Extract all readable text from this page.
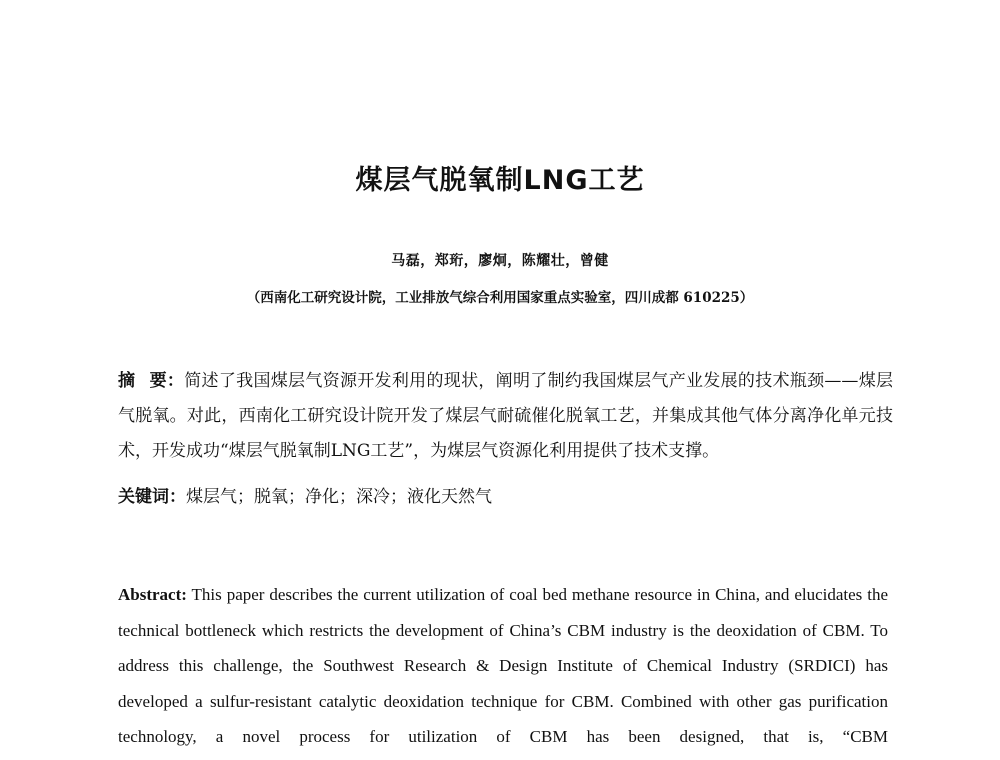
煤层气脱氧制LNG工艺
马磊，郑珩，廖炯，陈耀壮，曾健
（西南化工研究设计院，工业排放气综合利用国家重点实验室，四川成都 610225）
摘 要：简述了我国煤层气资源开发利用的现状，阐明了制约我国煤层气产业发展的技术瓶颈——煤层气脱氧。对此，西南化工研究设计院开发了煤层气耐硫催化脱氧工艺，并集成其他气体分离净化单元技术，开发成功“煤层气脱氧制LNG工艺”，为煤层气资源化利用提供了技术支撑。
关键词：煤层气；脱氧；净化；深冷；液化天然气
Abstract: This paper describes the current utilization of coal bed methane resource in China, and elucidates the technical bottleneck which restricts the development of China’s CBM industry is the deoxidation of CBM. To address this challenge, the Southwest Research & Design Institute of Chemical Industry (SRDICI) has developed a sulfur-resistant catalytic deoxidation technique for CBM. Combined with other gas purification technology, a novel process for utilization of CBM has been designed, that is, “CBM
